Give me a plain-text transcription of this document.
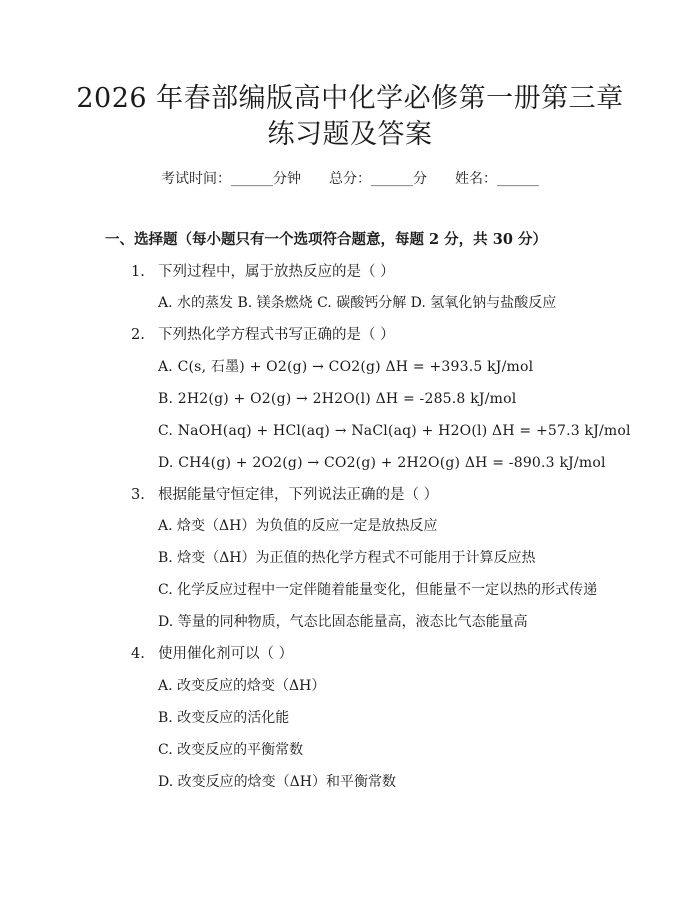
2026 年春部编版高中化学必修第一册第三章
练习题及答案
考试时间：______分钟 总分：______分 姓名：______
一、选择题（每小题只有一个选项符合题意，每题 2 分，共 30 分）
1. 下列过程中，属于放热反应的是（ ）
A. 水的蒸发 B. 镁条燃烧 C. 碳酸钙分解 D. 氢氧化钠与盐酸反应
2. 下列热化学方程式书写正确的是（ ）
A. C(s, 石墨) + O2(g) → CO2(g) ΔH = +393.5 kJ/mol
B. 2H2(g) + O2(g) → 2H2O(l) ΔH = -285.8 kJ/mol
C. NaOH(aq) + HCl(aq) → NaCl(aq) + H2O(l) ΔH = +57.3 kJ/mol
D. CH4(g) + 2O2(g) → CO2(g) + 2H2O(g) ΔH = -890.3 kJ/mol
3. 根据能量守恒定律，下列说法正确的是（ ）
A. 焓变（ΔH）为负值的反应一定是放热反应
B. 焓变（ΔH）为正值的热化学方程式不可能用于计算反应热
C. 化学反应过程中一定伴随着能量变化，但能量不一定以热的形式传递
D. 等量的同种物质，气态比固态能量高，液态比气态能量高
4. 使用催化剂可以（ ）
A. 改变反应的焓变（ΔH）
B. 改变反应的活化能
C. 改变反应的平衡常数
D. 改变反应的焓变（ΔH）和平衡常数
